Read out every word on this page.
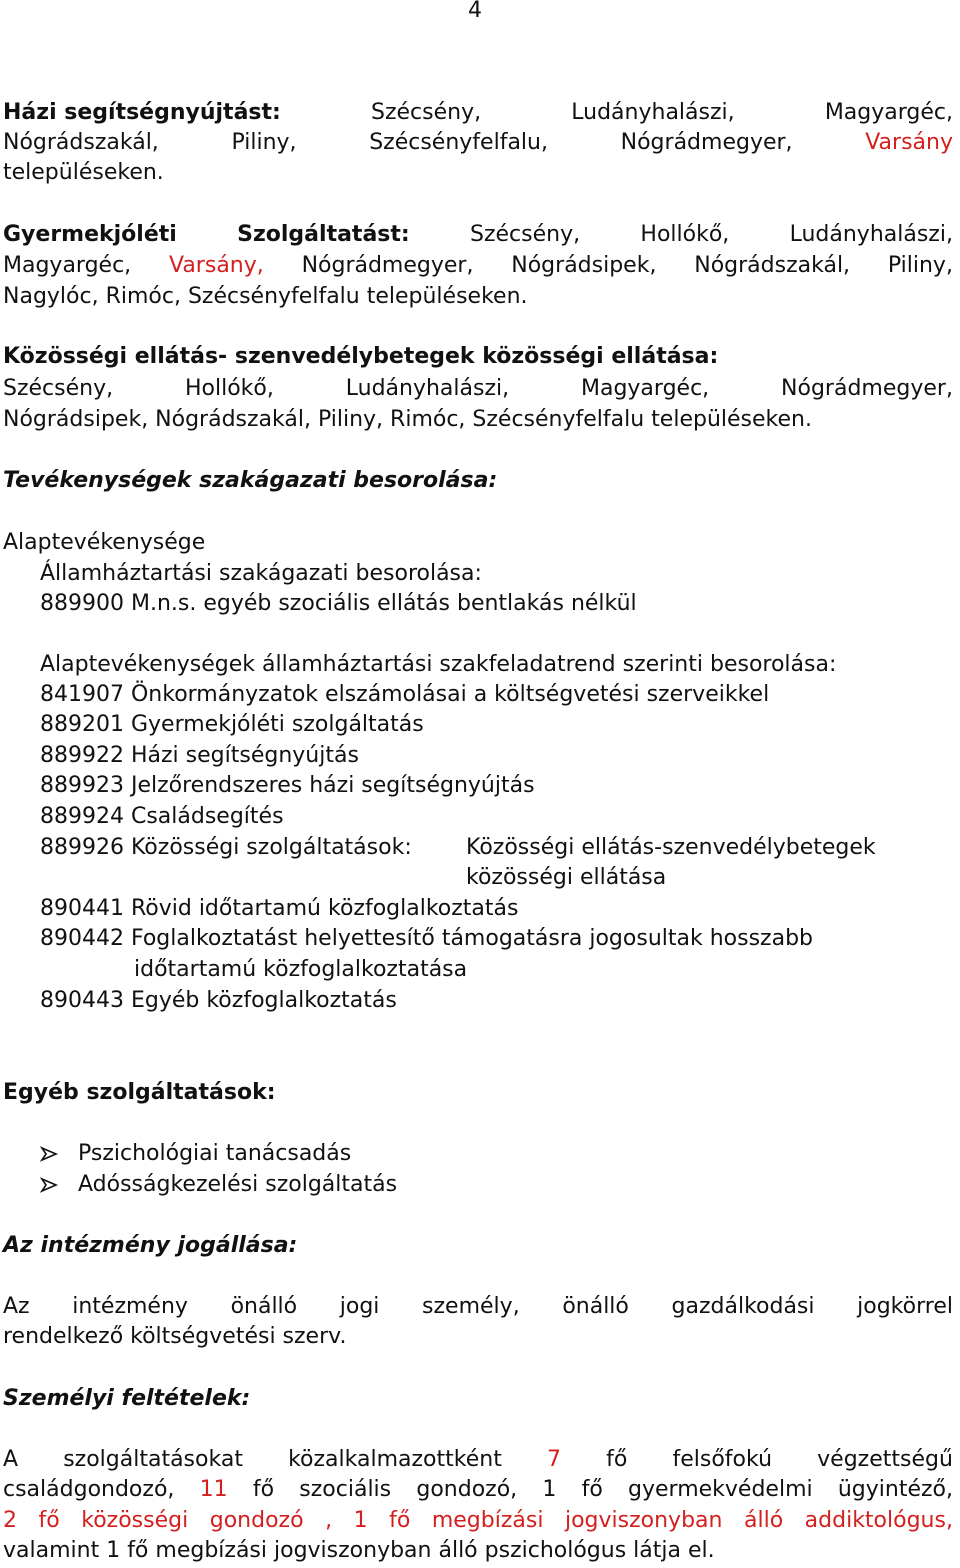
4
Házi segítségnyújtást:	Szécsény,	Ludányhalászi,	Magyargéc,
Nógrádszakál,	Piliny,	Szécsényfelfalu,	Nógrádmegyer,	Varsány
településeken.
Gyermekjóléti	Szolgáltatást:	Szécsény,	Hollókő,	Ludányhalászi,
Magyargéc, Varsány, Nógrádmegyer, Nógrádsipek, Nógrádszakál, Piliny,
Nagylóc, Rimóc, Szécsényfelfalu településeken.
Közösségi ellátás- szenvedélybetegek közösségi ellátása:
Szécsény,	Hollókő,	Ludányhalászi,	Magyargéc,	Nógrádmegyer,
Nógrádsipek, Nógrádszakál, Piliny, Rimóc, Szécsényfelfalu településeken.
Tevékenységek szakágazati besorolása:
Alaptevékenysége
Államháztartási szakágazati besorolása:
889900 M.n.s. egyéb szociális ellátás bentlakás nélkül
Alaptevékenységek államháztartási szakfeladatrend szerinti besorolása:
841907 Önkormányzatok elszámolásai a költségvetési szerveikkel
889201 Gyermekjóléti szolgáltatás
889922 Házi segítségnyújtás
889923 Jelzőrendszeres házi segítségnyújtás
889924 Családsegítés
889926 Közösségi szolgáltatások: Közösségi ellátás-szenvedélybetegek
közösségi ellátása
890441 Rövid időtartamú közfoglalkoztatás
890442 Foglalkoztatást helyettesítő támogatásra jogosultak hosszabb
időtartamú közfoglalkoztatása
890443 Egyéb közfoglalkoztatás
Egyéb szolgáltatások:
Pszichológiai tanácsadás
Adósságkezelési szolgáltatás
Az intézmény jogállása:
Az intézmény önálló jogi személy, önálló gazdálkodási jogkörrel
rendelkező költségvetési szerv.
Személyi feltételek:
A szolgáltatásokat közalkalmazottként 7 fő felsőfokú végzettségű
családgondozó, 11 fő szociális gondozó, 1 fő gyermekvédelmi ügyintéző,
2 fő közösségi gondozó , 1 fő megbízási jogviszonyban álló addiktológus,
valamint 1 fő megbízási jogviszonyban álló pszichológus látja el.
